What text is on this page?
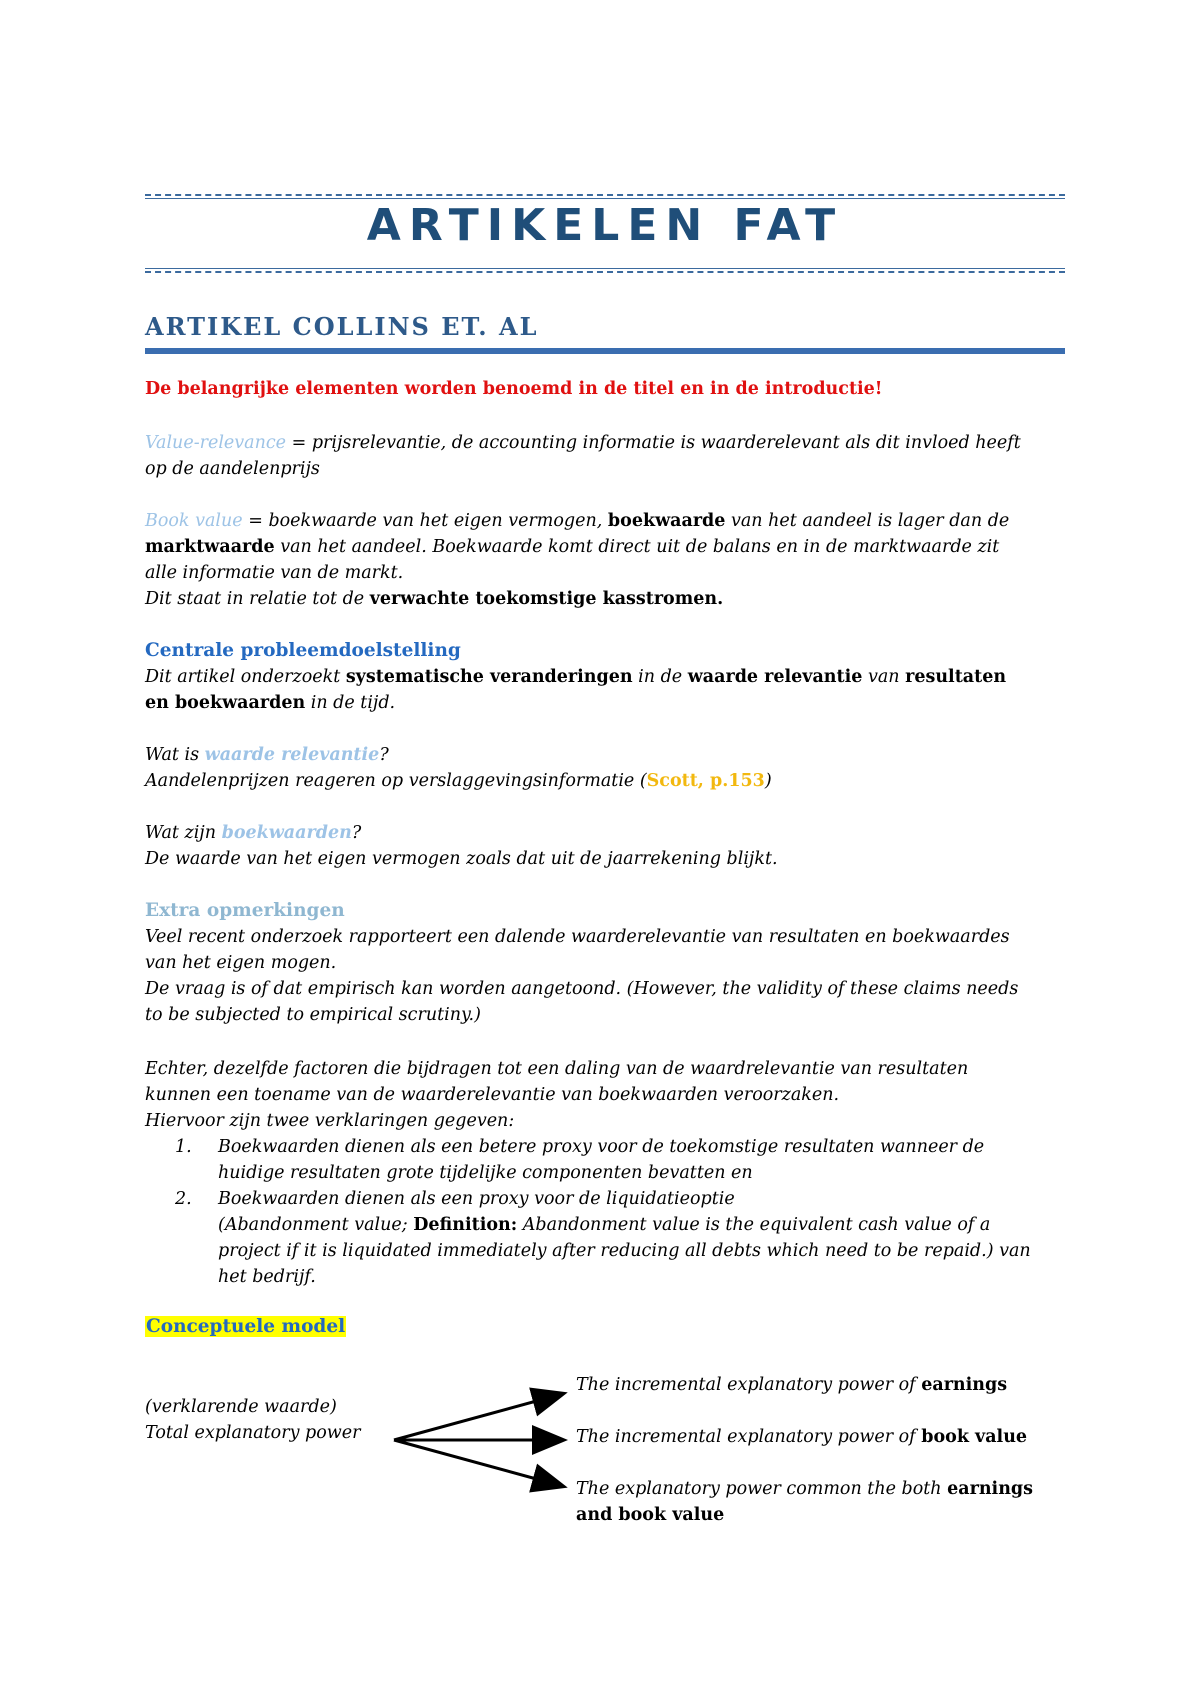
ARTIKELEN FAT
ARTIKEL COLLINS ET. AL
De belangrijke elementen worden benoemd in de titel en in de introductie!
Value-relevance = prijsrelevantie, de accounting informatie is waarderelevant als dit invloed heeft
op de aandelenprijs
Book value = boekwaarde van het eigen vermogen, boekwaarde van het aandeel is lager dan de
marktwaarde van het aandeel. Boekwaarde komt direct uit de balans en in de marktwaarde zit
alle informatie van de markt.
Dit staat in relatie tot de verwachte toekomstige kasstromen.
Centrale probleemdoelstelling
Dit artikel onderzoekt systematische veranderingen in de waarde relevantie van resultaten
en boekwaarden in de tijd.
Wat is waarde relevantie?
Aandelenprijzen reageren op verslaggevingsinformatie (Scott, p.153)
Wat zijn boekwaarden?
De waarde van het eigen vermogen zoals dat uit de jaarrekening blijkt.
Extra opmerkingen
Veel recent onderzoek rapporteert een dalende waarderelevantie van resultaten en boekwaardes
van het eigen mogen.
De vraag is of dat empirisch kan worden aangetoond. (However, the validity of these claims needs
to be subjected to empirical scrutiny.)
Echter, dezelfde factoren die bijdragen tot een daling van de waardrelevantie van resultaten
kunnen een toename van de waarderelevantie van boekwaarden veroorzaken.
Hiervoor zijn twee verklaringen gegeven:
1. Boekwaarden dienen als een betere proxy voor de toekomstige resultaten wanneer de
huidige resultaten grote tijdelijke componenten bevatten en
2. Boekwaarden dienen als een proxy voor de liquidatieoptie
(Abandonment value; Definition: Abandonment value is the equivalent cash value of a
project if it is liquidated immediately after reducing all debts which need to be repaid.) van
het bedrijf.
Conceptuele model
(verklarende waarde)
Total explanatory power
The incremental explanatory power of earnings
The incremental explanatory power of book value
The explanatory power common the both earnings
and book value
